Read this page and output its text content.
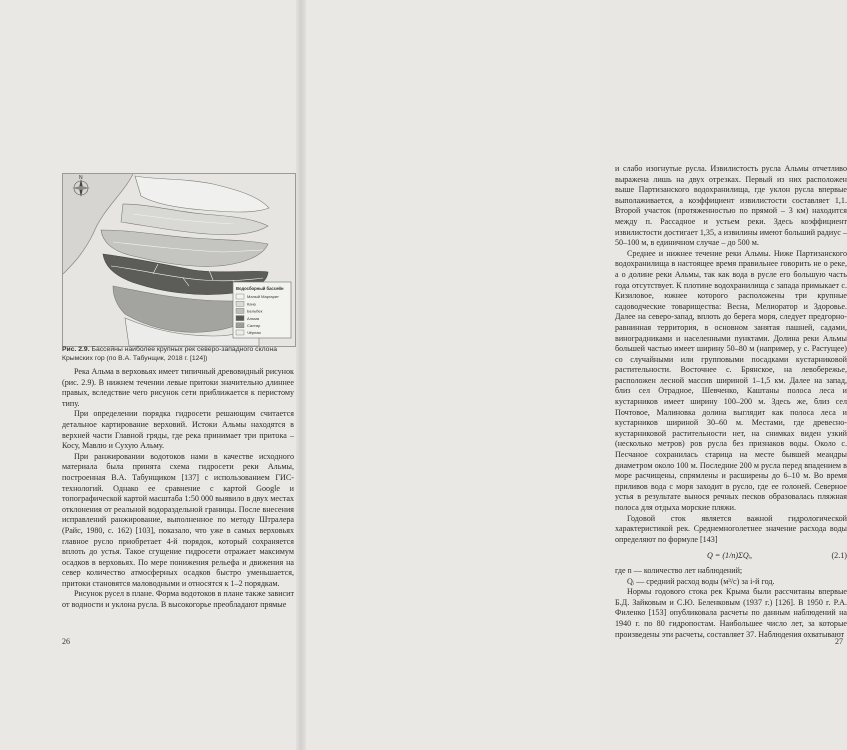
N
Водосборный бассейн
Малый Маргарит
Кача
Бельбек
Альма
Салгир
Чёрная
Рис. 2.9. Бассейны наиболее крупных рек северо-западного склона Крымских гор (по В.А. Табунщик, 2018 г. [124])

Река Альма в верховьях имеет типичный древовидный рисунок (рис. 2.9). В нижнем течении левые притоки значительно длиннее правых, вследствие чего рисунок сети приближается к перистому типу.

При определении порядка гидросети решающим считается детальное картирование верховий. Истоки Альмы находятся в верхней части Главной гряды, где река принимает три притока – Косу, Мавлю и Сухую Альму.

При ранжировании водотоков нами в качестве исходного материала была принята схема гидросети реки Альмы, построенная В.А. Табунщиком [137] с использованием ГИС-технологий. Однако ее сравнение с картой Google и топографической картой масштаба 1:50 000 выявило в двух местах отклонения от реальной водораздельной границы. После внесения исправлений ранжирование, выполненное по методу Штралера (Райс, 1980, с. 162) [103], показало, что уже в самых верховьях главное русло приобретает 4-й порядок, который сохраняется вплоть до устья. Такое сгущение гидросети отражает максимум осадков в верховьях. По мере понижения рельефа и движения на север количество атмосферных осадков быстро уменьшается, притоки становятся маловодными и относятся к 1–2 порядкам.

Рисунок русел в плане. Форма водотоков в плане также зависит от водности и уклона русла. В высокогорье преобладают прямые

26

и слабо изогнутые русла. Извилистость русла Альмы отчетливо выражена лишь на двух отрезках. Первый из них расположен выше Партизанского водохранилища, где уклон русла впервые выполаживается, а коэффициент извилистости составляет 1,1. Второй участок (протяженностью по прямой – 3 км) находится между п. Рассадное и устьем реки. Здесь коэффициент извилистости достигает 1,35, а извилины имеют больший радиус – 50–100 м, в единичном случае – до 500 м.

Среднее и нижнее течение реки Альмы. Ниже Партизанского водохранилища в настоящее время правильнее говорить не о реке, а о долине реки Альмы, так как вода в русле его большую часть года отсутствует. К плотине водохранилища с запада примыкает с. Кизиловое, южнее которого расположены три крупные садоводческие товарищества: Весна, Мелиоратор и Здоровье. Далее на северо-запад, вплоть до берега моря, следует предгорно-равнинная территория, в основном занятая пашней, садами, виноградниками и населенными пунктами. Долина реки Альмы большей частью имеет ширину 50–80 м (например, у с. Растущее) со случайными или групповыми посадками кустарниковой растительности. Восточнее с. Брянское, на левобережье, расположен лесной массив шириной 1–1,5 км. Далее на запад, близ сел Отрадное, Шевченко, Каштаны полоса леса и кустарников имеет ширину 100–200 м. Здесь же, близ сел Почтовое, Малиновка долина выглядит как полоса леса и кустарников шириной 30–60 м. Местами, где древесно-кустарниковой растительности нет, на снимках виден узкий (несколько метров) ров русла без признаков воды. Около с. Песчаное сохранилась старица на месте бывшей меандры диаметром около 100 м. Последние 200 м русла перед впадением в море расчищены, спрямлены и расширены до 6–10 м. Во время приливов вода с моря заходит в русло, где ее голоней. Северное устья в результате вынося речных песков образовалась пляжная полоса для отдыха морские пляжи.

Годовой сток является важной гидрологической характеристикой рек. Среднемноголетнее значение расхода воды определяют по формуле [143]

Q = (1/n)ΣQᵢ,	(2.1)

где n — количество лет наблюдений;

Qᵢ — средний расход воды (м³/с) за i-й год.

Нормы годового стока рек Крыма были рассчитаны впервые Б.Д. Зайковым и С.Ю. Беленковым (1937 г.) [126]. В 1950 г. Р.А. Филенко [153] опубликовала расчеты по данным наблюдений на 1940 г. по 80 гидропостам. Наибольшее число лет, за которые произведены эти расчеты, составляет 37. Наблюдения охватывают

27
